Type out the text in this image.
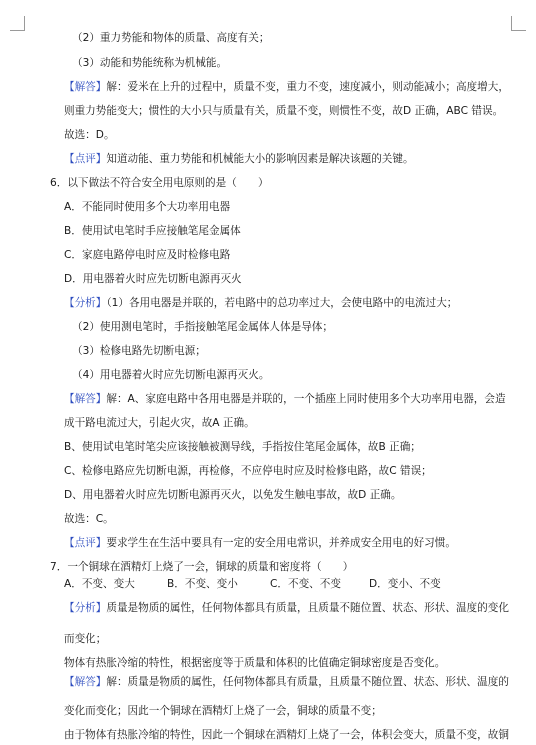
（2）重力势能和物体的质量、高度有关；
（3）动能和势能统称为机械能。
【解答】解：爱米在上升的过程中，质量不变，重力不变，速度减小，则动能减小；高度增大，
则重力势能变大；惯性的大小只与质量有关，质量不变，则惯性不变，故D 正确，ABC 错误。
故选：D。
【点评】知道动能、重力势能和机械能大小的影响因素是解决该题的关键。
6．以下做法不符合安全用电原则的是（　　）
A．不能同时使用多个大功率用电器
B．使用试电笔时手应接触笔尾金属体
C．家庭电路停电时应及时检修电路
D．用电器着火时应先切断电源再灭火
【分析】（1）各用电器是并联的，若电路中的总功率过大，会使电路中的电流过大；
（2）使用测电笔时，手指接触笔尾金属体人体是导体；
（3）检修电路先切断电源；
（4）用电器着火时应先切断电源再灭火。
【解答】解：A、家庭电路中各用电器是并联的，一个插座上同时使用多个大功率用电器，会造
成干路电流过大，引起火灾，故A 正确。
B、使用试电笔时笔尖应该接触被测导线，手指按住笔尾金属体，故B 正确；
C、检修电路应先切断电源，再检修，不应停电时应及时检修电路，故C 错误；
D、用电器着火时应先切断电源再灭火，以免发生触电事故，故D 正确。
故选：C。
【点评】要求学生在生活中要具有一定的安全用电常识，并养成安全用电的好习惯。
7．一个铜球在酒精灯上烧了一会，铜球的质量和密度将（　　）
而变化；
物体有热胀冷缩的特性，根据密度等于质量和体积的比值确定铜球密度是否变化。
变化而变化；因此一个铜球在酒精灯上烧了一会，铜球的质量不变；
由于物体有热胀冷缩的特性，因此一个铜球在酒精灯上烧了一会，体积会变大，质量不变，故铜
A．不变、变大	B．不变、变小	C．不变、不变	D．变小、不变
【分析】质量是物质的属性，任何物体都具有质量，且质量不随位置、状态、形状、温度的变化
【解答】解：质量是物质的属性，任何物体都具有质量，且质量不随位置、状态、形状、温度的
